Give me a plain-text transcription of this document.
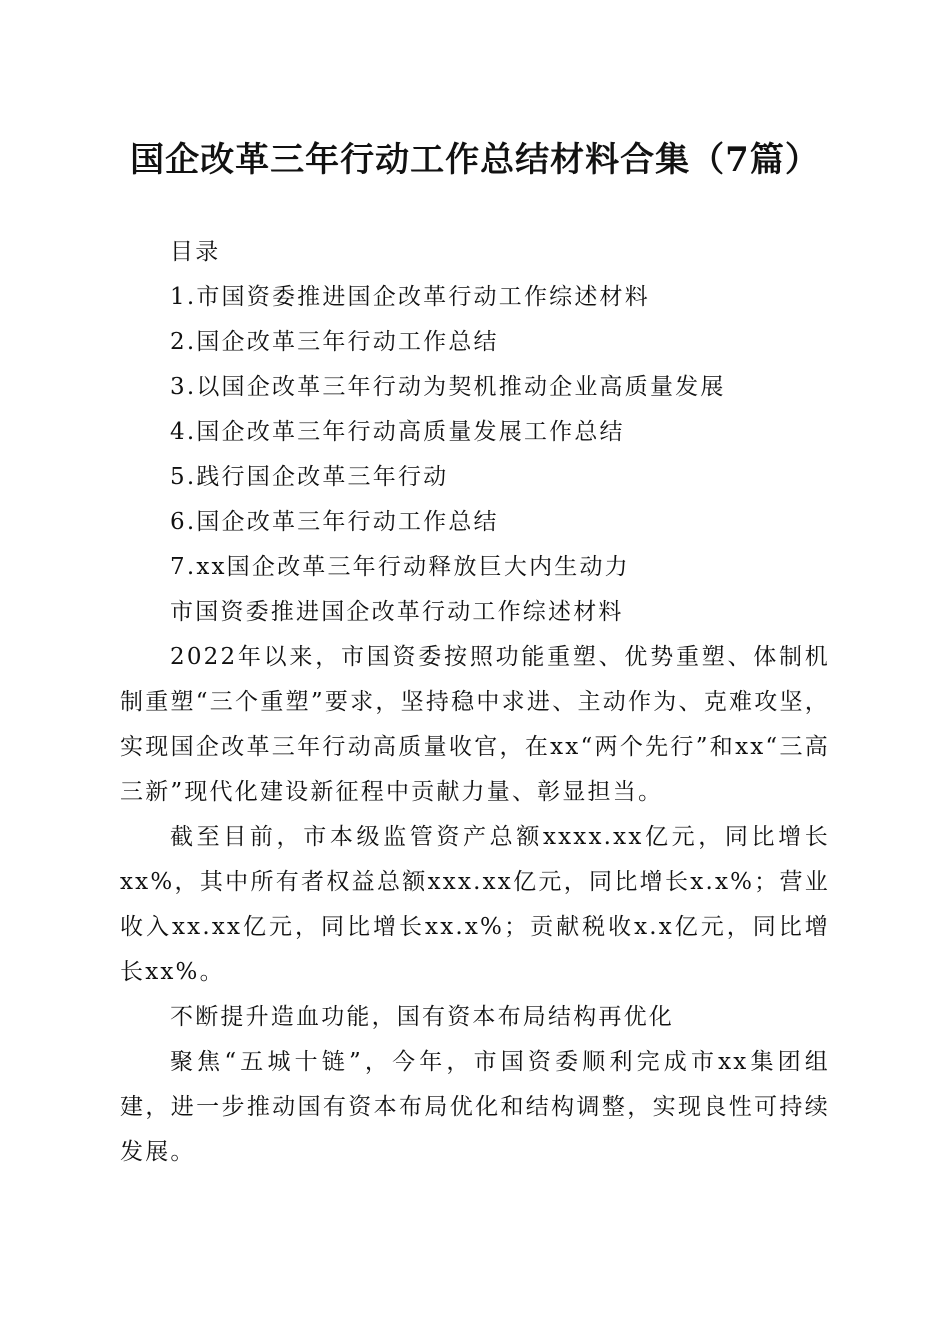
国企改革三年行动工作总结材料合集（7篇）

目录

1.市国资委推进国企改革行动工作综述材料

2.国企改革三年行动工作总结

3.以国企改革三年行动为契机推动企业高质量发展

4.国企改革三年行动高质量发展工作总结

5.践行国企改革三年行动

6.国企改革三年行动工作总结

7.xx国企改革三年行动释放巨大内生动力

市国资委推进国企改革行动工作综述材料

2022年以来，市国资委按照功能重塑、优势重塑、体制机制重塑“三个重塑”要求，坚持稳中求进、主动作为、克难攻坚，实现国企改革三年行动高质量收官，在xx“两个先行”和xx“三高三新”现代化建设新征程中贡献力量、彰显担当。

截至目前，市本级监管资产总额xxxx.xx亿元，同比增长xx%，其中所有者权益总额xxx.xx亿元，同比增长x.x%；营业收入xx.xx亿元，同比增长xx.x%；贡献税收x.x亿元，同比增长xx%。

不断提升造血功能，国有资本布局结构再优化

聚焦“五城十链”，今年，市国资委顺利完成市xx集团组建，进一步推动国有资本布局优化和结构调整，实现良性可持续发展。
